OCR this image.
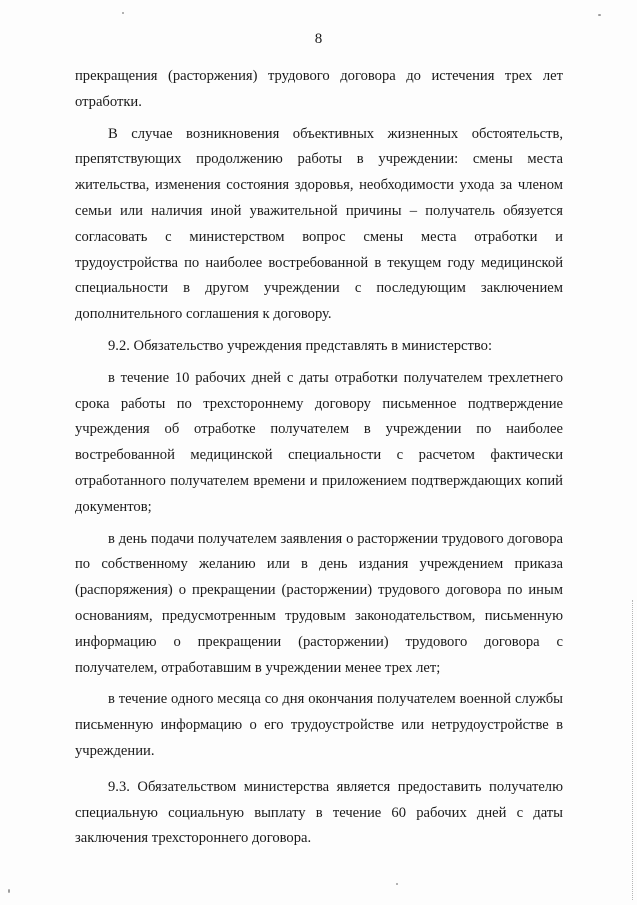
8

прекращения (расторжения) трудового договора до истечения трех лет отработки.

В случае возникновения объективных жизненных обстоятельств, препятствующих продолжению работы в учреждении: смены места жительства, изменения состояния здоровья, необходимости ухода за членом семьи или наличия иной уважительной причины – получатель обязуется согласовать с министерством вопрос смены места отработки и трудоустройства по наиболее востребованной в текущем году медицинской специальности в другом учреждении с последующим заключением дополнительного соглашения к договору.

9.2. Обязательство учреждения представлять в министерство:

в течение 10 рабочих дней с даты отработки получателем трехлетнего срока работы по трехстороннему договору письменное подтверждение учреждения об отработке получателем в учреждении по наиболее востребованной медицинской специальности с расчетом фактически отработанного получателем времени и приложением подтверждающих копий документов;

в день подачи получателем заявления о расторжении трудового договора по собственному желанию или в день издания учреждением приказа (распоряжения) о прекращении (расторжении) трудового договора по иным основаниям, предусмотренным трудовым законодательством, письменную информацию о прекращении (расторжении) трудового договора с получателем, отработавшим в учреждении менее трех лет;

в течение одного месяца со дня окончания получателем военной службы письменную информацию о его трудоустройстве или нетрудоустройстве в учреждении.

9.3. Обязательством министерства является предоставить получателю специальную социальную выплату в течение 60 рабочих дней с даты заключения трехстороннего договора.
